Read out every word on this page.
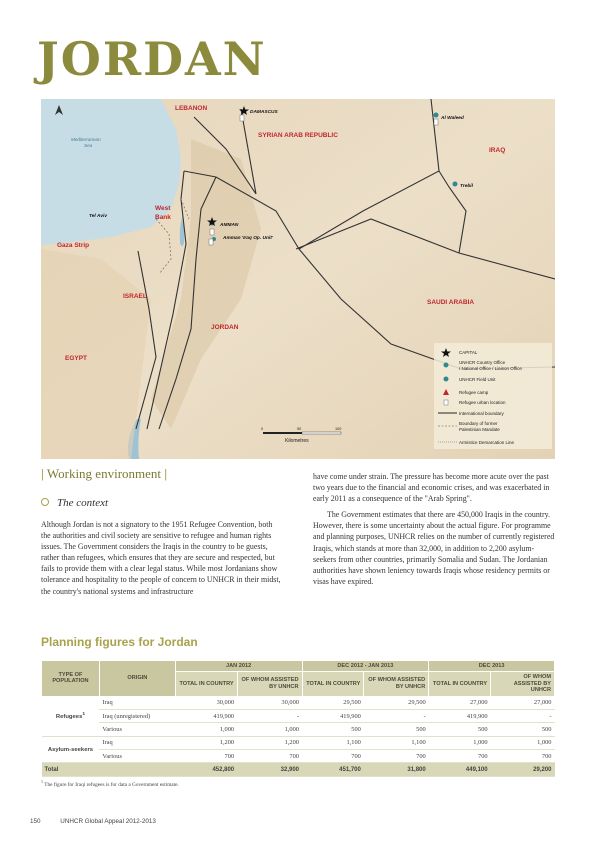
JORDAN
LEBANON
SYRIAN ARAB REPUBLIC
IRAQ
West
Bank
Gaza Strip
ISRAEL
JORDAN
SAUDI ARABIA
EGYPT
Mediterranean
Sea
DAMASCUS
Al Waleed
Trebil
Tel Aviv
AMMAN
Amman 'Iraq Op. Unit'
CAPITAL
UNHCR Country Office
/ National Office / Liaison Office
UNHCR Field Unit
Refugee camp
Refugee urban location
International boundary
Boundary of former
Palestinian Mandate
Armistice Demarcation Line
0	50	100
Kilometres
| Working environment |
The context

Although Jordan is not a signatory to the 1951 Refugee Convention, both the authorities and civil society are sensitive to refugee and human rights issues. The Government considers the Iraqis in the country to be guests, rather than refugees, which ensures that they are secure and respected, but fails to provide them with a clear legal status. While most Jordanians show tolerance and hospitality to the people of concern to UNHCR in their midst, the country's national systems and infrastructure

have come under strain. The pressure has become more acute over the past two years due to the financial and economic crises, and was exacerbated in early 2011 as a consequence of the "Arab Spring".

The Government estimates that there are 450,000 Iraqis in the country. However, there is some uncertainty about the actual figure. For programme and planning purposes, UNHCR relies on the number of currently registered Iraqis, which stands at more than 32,000, in addition to 2,200 asylum-seekers from other countries, primarily Somalia and Sudan. The Jordanian authorities have shown leniency towards Iraqis whose residency permits or visas have expired.

Planning figures for Jordan
TYPE OF POPULATION	ORIGIN	JAN 2012		DEC 2012 - JAN 2013		DEC 2013	
		TOTAL IN COUNTRY	OF WHOM ASSISTED BY UNHCR	TOTAL IN COUNTRY	OF WHOM ASSISTED BY UNHCR	TOTAL IN COUNTRY	OF WHOM ASSISTED BY UNHCR
Refugees$^1$	Iraq	30,000	30,000	29,500	29,500	27,000	27,000
	Iraq (unregistered)	419,900	-	419,900	-	419,900	-
	Various	1,000	1,000	500	500	500	500
Asylum-seekers	Iraq	1,200	1,200	1,100	1,100	1,000	1,000
	Various	700	700	700	700	700	700
Total		452,800	32,900	451,700	31,800	449,100	29,200
$^1$ The figure for Iraqi refugees is for data a Government estimate.
150	UNHCR Global Appeal 2012-2013
